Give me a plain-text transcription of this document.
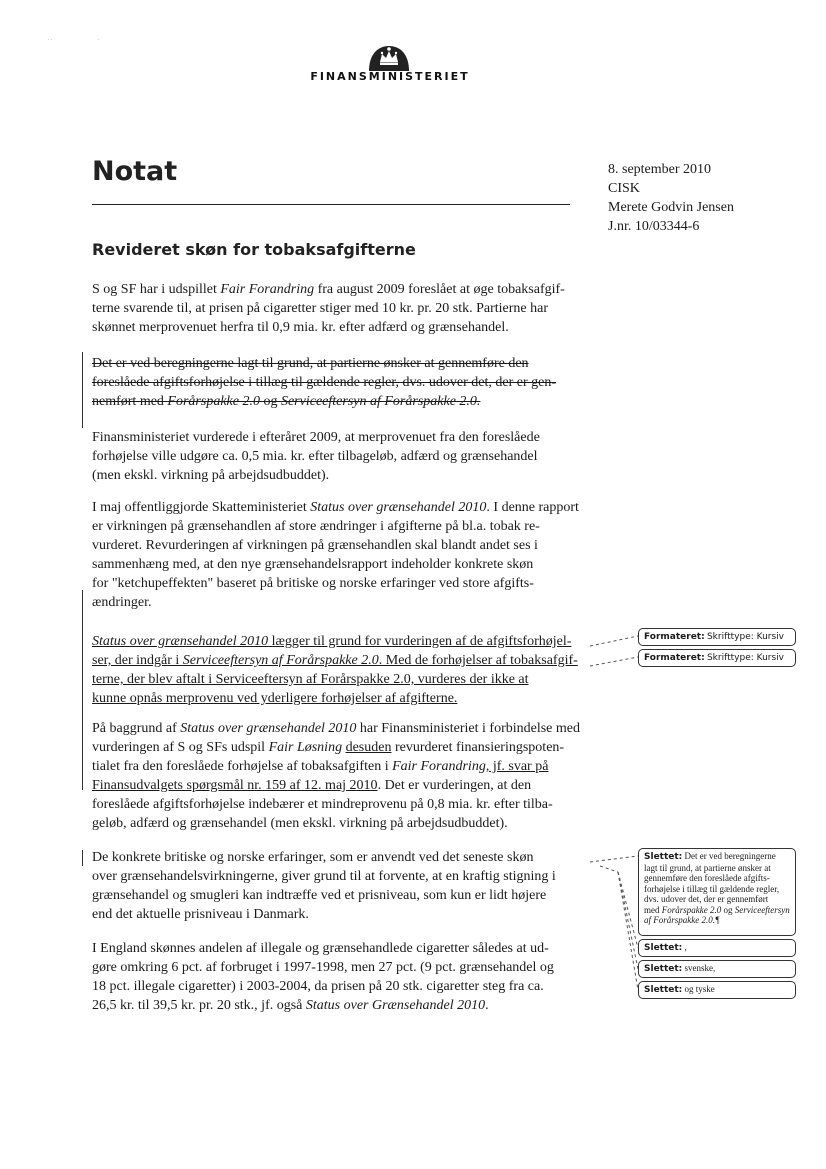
. .	.
FINANSMINISTERIET
Notat	8. september 2010
CISK
Merete Godvin Jensen
J.nr. 10/03344-6
Revideret skøn for tobaksafgifterne
S og SF har i udspillet Fair Forandring fra august 2009 foreslået at øge tobaksafgif-
terne svarende til, at prisen på cigaretter stiger med 10 kr. pr. 20 stk. Partierne har
skønnet merprovenuet herfra til 0,9 mia. kr. efter adfærd og grænsehandel.
Det er ved beregningerne lagt til grund, at partierne ønsker at gennemføre den
foreslåede afgiftsforhøjelse i tillæg til gældende regler, dvs. udover det, der er gen-
nemført med Forårspakke 2.0 og Serviceeftersyn af Forårspakke 2.0.
Finansministeriet vurderede i efteråret 2009, at merprovenuet fra den foreslåede
forhøjelse ville udgøre ca. 0,5 mia. kr. efter tilbageløb, adfærd og grænsehandel
(men ekskl. virkning på arbejdsudbuddet).
I maj offentliggjorde Skatteministeriet Status over grænsehandel 2010. I denne rapport
er virkningen på grænsehandlen af store ændringer i afgifterne på bl.a. tobak re-
vurderet. Revurderingen af virkningen på grænsehandlen skal blandt andet ses i
sammenhæng med, at den nye grænsehandelsrapport indeholder konkrete skøn
for "ketchupeffekten" baseret på britiske og norske erfaringer ved store afgifts-
ændringer.
Status over grænsehandel 2010 lægger til grund for vurderingen af de afgiftsforhøjel-
ser, der indgår i Serviceeftersyn af Forårspakke 2.0. Med de forhøjelser af tobaksafgif-
terne, der blev aftalt i Serviceeftersyn af Forårspakke 2.0, vurderes der ikke at
kunne opnås merprovenu ved yderligere forhøjelser af afgifterne.
På baggrund af Status over grænsehandel 2010 har Finansministeriet i forbindelse med
vurderingen af S og SFs udspil Fair Løsning desuden revurderet finansieringspoten-
tialet fra den foreslåede forhøjelse af tobaksafgiften i Fair Forandring, jf. svar på
Finansudvalgets spørgsmål nr. 159 af 12. maj 2010. Det er vurderingen, at den
foreslåede afgiftsforhøjelse indebærer et mindreprovenu på 0,8 mia. kr. efter tilba-
geløb, adfærd og grænsehandel (men ekskl. virkning på arbejdsudbuddet).
De konkrete britiske og norske erfaringer, som er anvendt ved det seneste skøn
over grænsehandelsvirkningerne, giver grund til at forvente, at en kraftig stigning i
grænsehandel og smugleri kan indtræffe ved et prisniveau, som kun er lidt højere
end det aktuelle prisniveau i Danmark.
I England skønnes andelen af illegale og grænsehandlede cigaretter således at ud-
gøre omkring 6 pct. af forbruget i 1997-1998, men 27 pct. (9 pct. grænsehandel og
18 pct. illegale cigaretter) i 2003-2004, da prisen på 20 stk. cigaretter steg fra ca.
26,5 kr. til 39,5 kr. pr. 20 stk., jf. også Status over Grænsehandel 2010.
Formateret: Skrifttype: Kursiv
Formateret: Skrifttype: Kursiv
Slettet: Det er ved beregningerne
lagt til grund, at partierne ønsker at
gennemføre den foreslåede afgifts-
forhøjelse i tillæg til gældende regler,
dvs. udover det, der er gennemført
med Forårspakke 2.0 og Serviceeftersyn
af Forårspakke 2.0.¶
Slettet: ,
Slettet: svenske,
Slettet: og tyske
